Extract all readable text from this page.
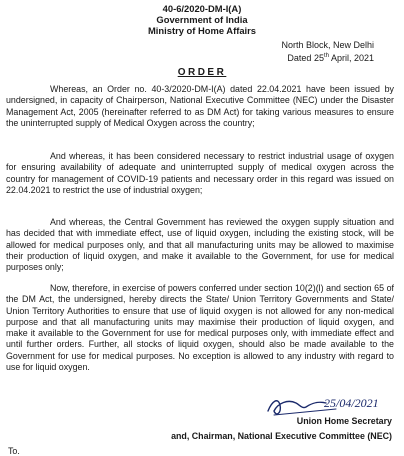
40-6/2020-DM-I(A)
Government of India
Ministry of Home Affairs
North Block, New Delhi
Dated 25th April, 2021
ORDER

Whereas, an Order no. 40-3/2020-DM-I(A) dated 22.04.2021 have been issued by undersigned, in capacity of Chairperson, National Executive Committee (NEC) under the Disaster Management Act, 2005 (hereinafter referred to as DM Act) for taking various measures to ensure the uninterrupted supply of Medical Oxygen across the country;

And whereas, it has been considered necessary to restrict industrial usage of oxygen for ensuring availability of adequate and uninterrupted supply of medical oxygen across the country for management of COVID-19 patients and necessary order in this regard was issued on 22.04.2021 to restrict the use of industrial oxygen;

And whereas, the Central Government has reviewed the oxygen supply situation and has decided that with immediate effect, use of liquid oxygen, including the existing stock, will be allowed for medical purposes only, and that all manufacturing units may be allowed to maximise their production of liquid oxygen, and make it available to the Government, for use for medical purposes only;

Now, therefore, in exercise of powers conferred under section 10(2)(l) and section 65 of the DM Act, the undersigned, hereby directs the State/ Union Territory Governments and State/ Union Territory Authorities to ensure that use of liquid oxygen is not allowed for any non-medical purpose and that all manufacturing units may maximise their production of liquid oxygen, and make it available to the Government for use for medical purposes only, with immediate effect and until further orders. Further, all stocks of liquid oxygen, should also be made available to the Government for use for medical purposes. No exception is allowed to any industry with regard to use for liquid oxygen.

25/04/2021
Union Home Secretary
and, Chairman, National Executive Committee (NEC)
To.
